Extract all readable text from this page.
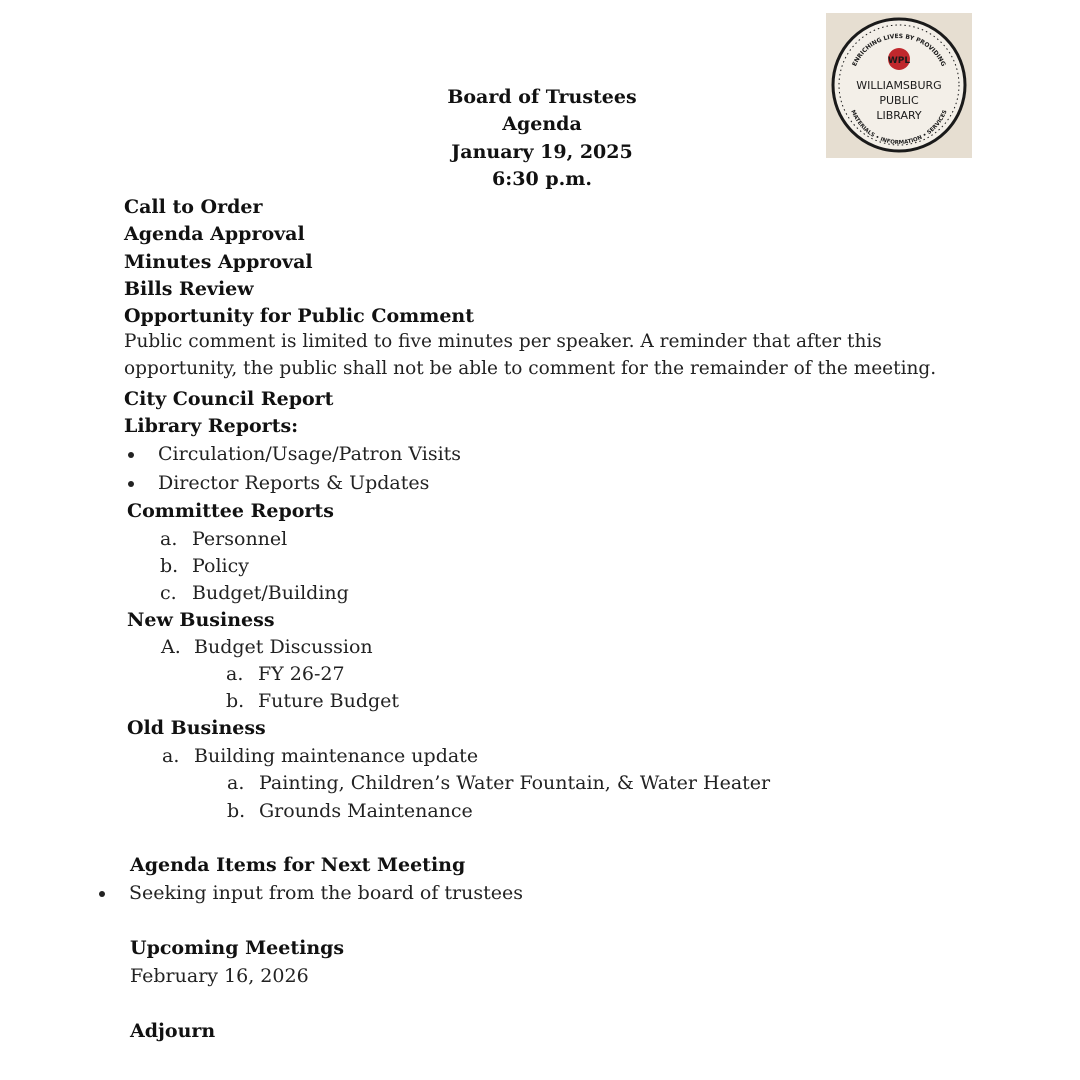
ENRICHING LIVES BY PROVIDING
MATERIALS • INFORMATION • SERVICES
WPL
WILLIAMSBURG
PUBLIC
LIBRARY
Board of Trustees
Agenda
January 19, 2025
6:30 p.m.
Call to Order
Agenda Approval
Minutes Approval
Bills Review
Opportunity for Public Comment
Public comment is limited to five minutes per speaker. A reminder that after this
opportunity, the public shall not be able to comment for the remainder of the meeting.
City Council Report
Library Reports:
Circulation/Usage/Patron Visits
Director Reports & Updates
Committee Reports
a. Personnel
b. Policy
c. Budget/Building
New Business
A. Budget Discussion
a. FY 26-27
b. Future Budget
Old Business
a. Building maintenance update
a. Painting, Children’s Water Fountain, & Water Heater
b. Grounds Maintenance
Agenda Items for Next Meeting
Seeking input from the board of trustees
Upcoming Meetings
February 16, 2026
Adjourn
